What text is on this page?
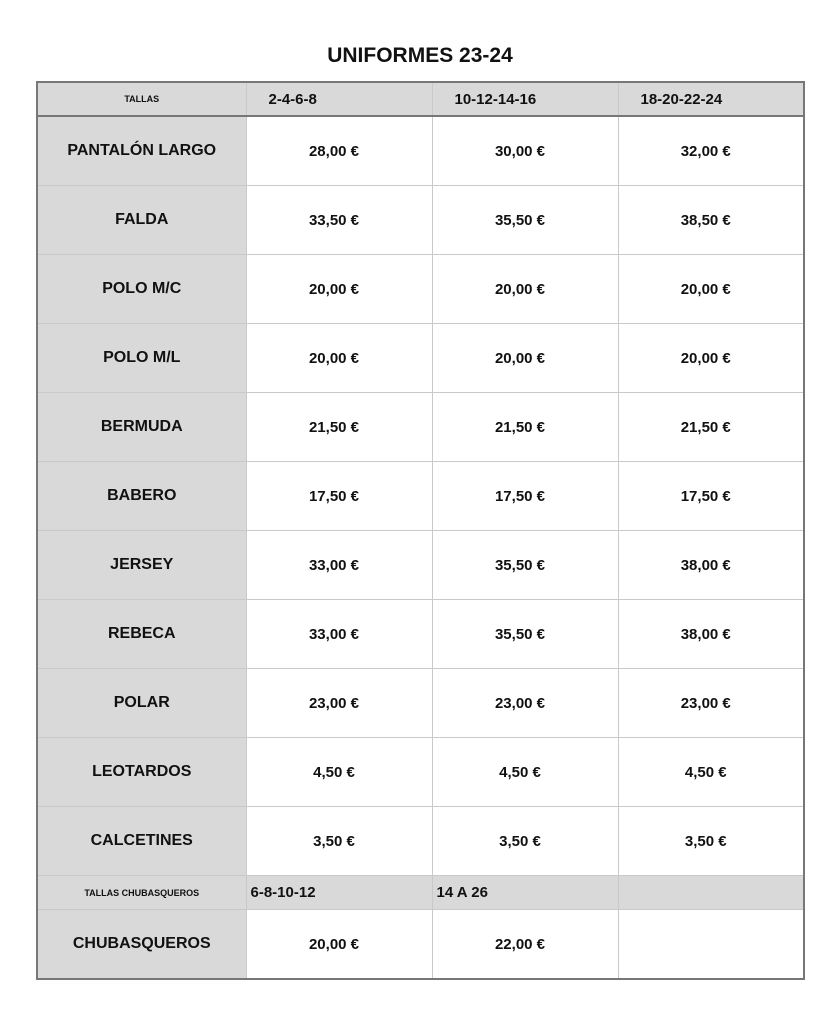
UNIFORMES 23-24
TALLAS	2-4-6-8	10-12-14-16	18-20-22-24
PANTALÓN LARGO	28,00 €	30,00 €	32,00 €
FALDA	33,50 €	35,50 €	38,50 €
POLO M/C	20,00 €	20,00 €	20,00 €
POLO M/L	20,00 €	20,00 €	20,00 €
BERMUDA	21,50 €	21,50 €	21,50 €
BABERO	17,50 €	17,50 €	17,50 €
JERSEY	33,00 €	35,50 €	38,00 €
REBECA	33,00 €	35,50 €	38,00 €
POLAR	23,00 €	23,00 €	23,00 €
LEOTARDOS	4,50 €	4,50 €	4,50 €
CALCETINES	3,50 €	3,50 €	3,50 €
TALLAS CHUBASQUEROS	6-8-10-12	14 A 26	
CHUBASQUEROS	20,00 €	22,00 €	
